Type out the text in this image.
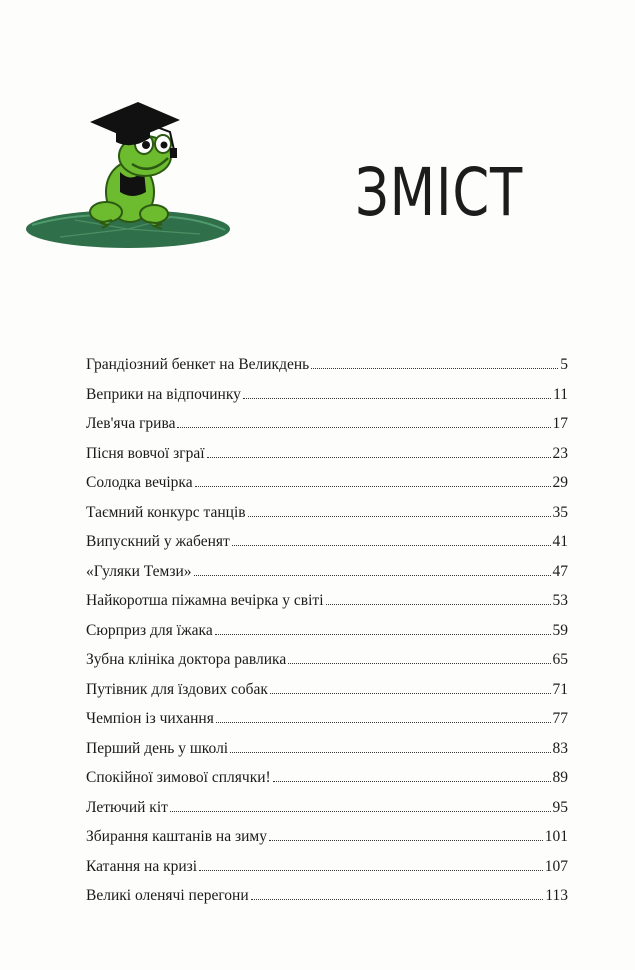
ЗМІСТ
Грандіозний бенкет на Великдень	5
Вeприки на відпочинку	11
Лев'яча грива	17
Пісня вовчої зграї	23
Солодка вечірка	29
Таємний конкурс танців	35
Випускний у жабенят	41
«Гуляки Темзи»	47
Найкоротша піжамна вечірка у світі	53
Сюрприз для їжака	59
Зубна клініка доктора равлика	65
Путівник для їздових собак	71
Чемпіон із чихання	77
Перший день у школі	83
Спокійної зимової сплячки!	89
Летючий кіт	95
Збирання каштанів на зиму	101
Катання на кризі	107
Великі оленячі перегони	113
